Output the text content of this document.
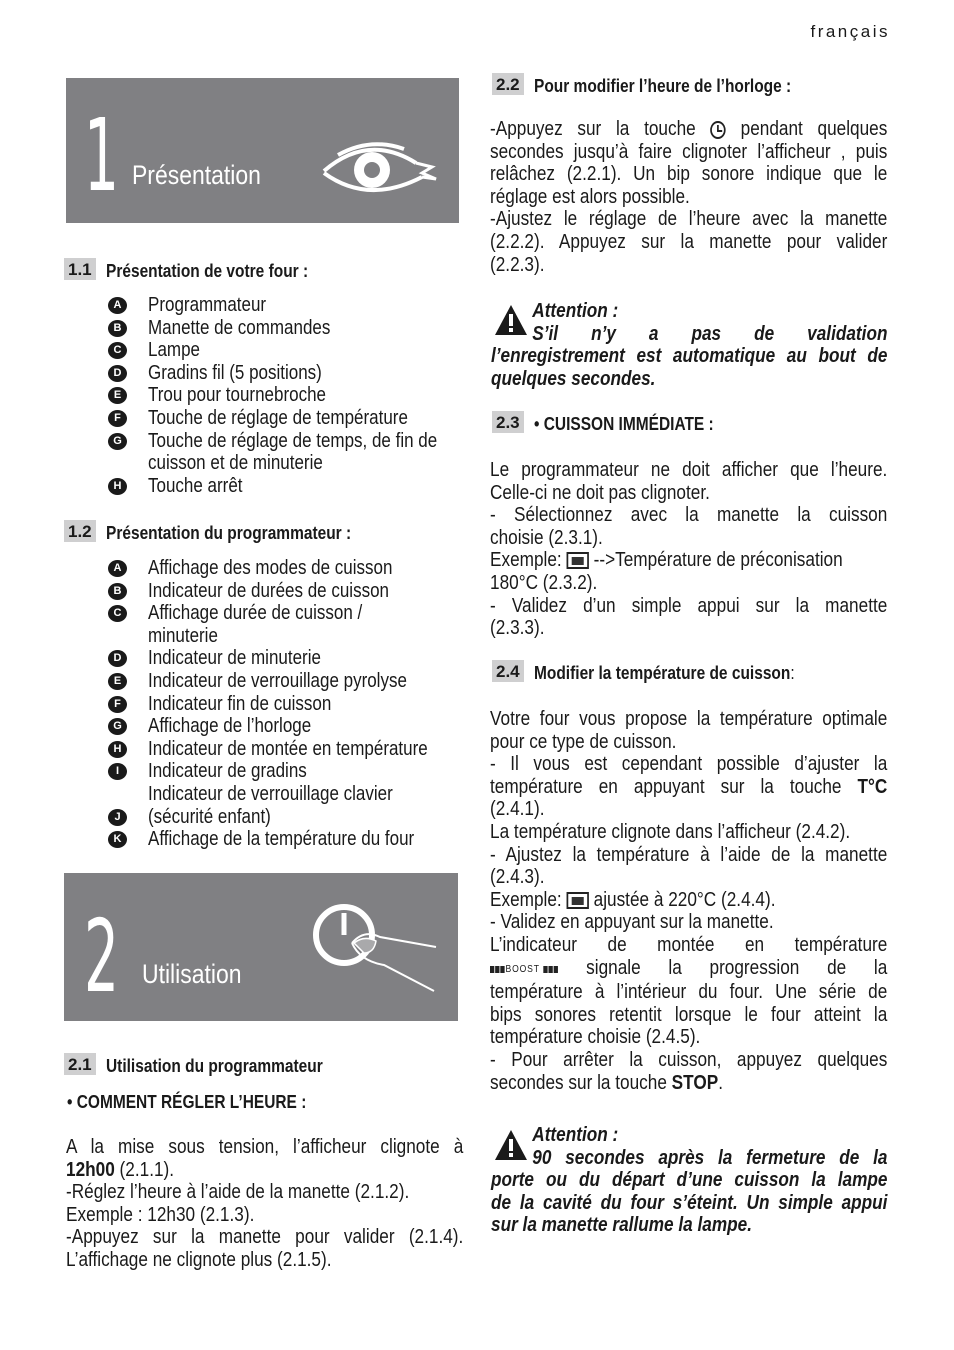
français
1 Présentation
1.1 Présentation de votre four :
A Programmateur
B Manette de commandes
C Lampe
D Gradins fil (5 positions)
E Trou pour tournebroche
F	Touche de réglage de température
G Touche de réglage de temps, de fin de
cuisson et de minuterie
H Touche arrêt
1.2 Présentation du programmateur :
A Affichage des modes de cuisson
B Indicateur de durées de cuisson
C Affichage durée de cuisson /
minuterie
D Indicateur de minuterie
E Indicateur de verrouillage pyrolyse
F	Indicateur fin de cuisson
G Affichage de l’horloge
H Indicateur de montée en température
I	Indicateur de gradins
Indicateur de verrouillage clavier
J	(sécurité enfant)
K Affichage de la température du four
2 Utilisation
2.1 Utilisation du programmateur
• COMMENT RÉGLER L’HEURE :
A la mise sous tension, l’afficheur clignote à
12h00 (2.1.1).
-Réglez l’heure à l’aide de la manette (2.1.2).
Exemple : 12h30 (2.1.3).
-Appuyez sur la manette pour valider (2.1.4).
L’affichage ne clignote plus (2.1.5).
2.2 Pour modifier l’heure de l’horloge :
-Appuyez sur la touche pendant quelques
secondes jusqu’à faire clignoter l’afficheur , puis
relâchez (2.2.1). Un bip sonore indique que le
réglage est alors possible.
-Ajustez le réglage de l’heure avec la manette
(2.2.2). Appuyez sur la manette pour valider
(2.2.3).
Attention :
S’il n’y a pas de validation
l’enregistrement est automatique au bout de
quelques secondes.
2.3 • CUISSON IMMÉDIATE :
Le programmateur ne doit afficher que l’heure.
Celle-ci ne doit pas clignoter.
- Sélectionnez avec la manette la cuisson
choisie (2.3.1).
Exemple: -->Température de préconisation
180°C (2.3.2).
- Validez d’un simple appui sur la manette
(2.3.3).
2.4 Modifier la température de cuisson:
Votre four vous propose la température optimale
pour ce type de cuisson.
- Il vous est cependant possible d’ajuster la
température en appuyant sur la touche T°C
(2.4.1).
La température clignote dans l’afficheur (2.4.2).
- Ajustez la température à l’aide de la manette
(2.4.3).
Exemple: ajustée à 220°C (2.4.4).
- Validez en appuyant sur la manette.
L’indicateur de montée en température
BOOST signale la progression de la
température à l’intérieur du four. Une série de
bips sonores retentit lorsque le four atteint la
température choisie (2.4.5).
- Pour arrêter la cuisson, appuyez quelques
secondes sur la touche STOP.
Attention :
90 secondes après la fermeture de la
porte ou du départ d’une cuisson la lampe
de la cavité du four s’éteint. Un simple appui
sur la manette rallume la lampe.
